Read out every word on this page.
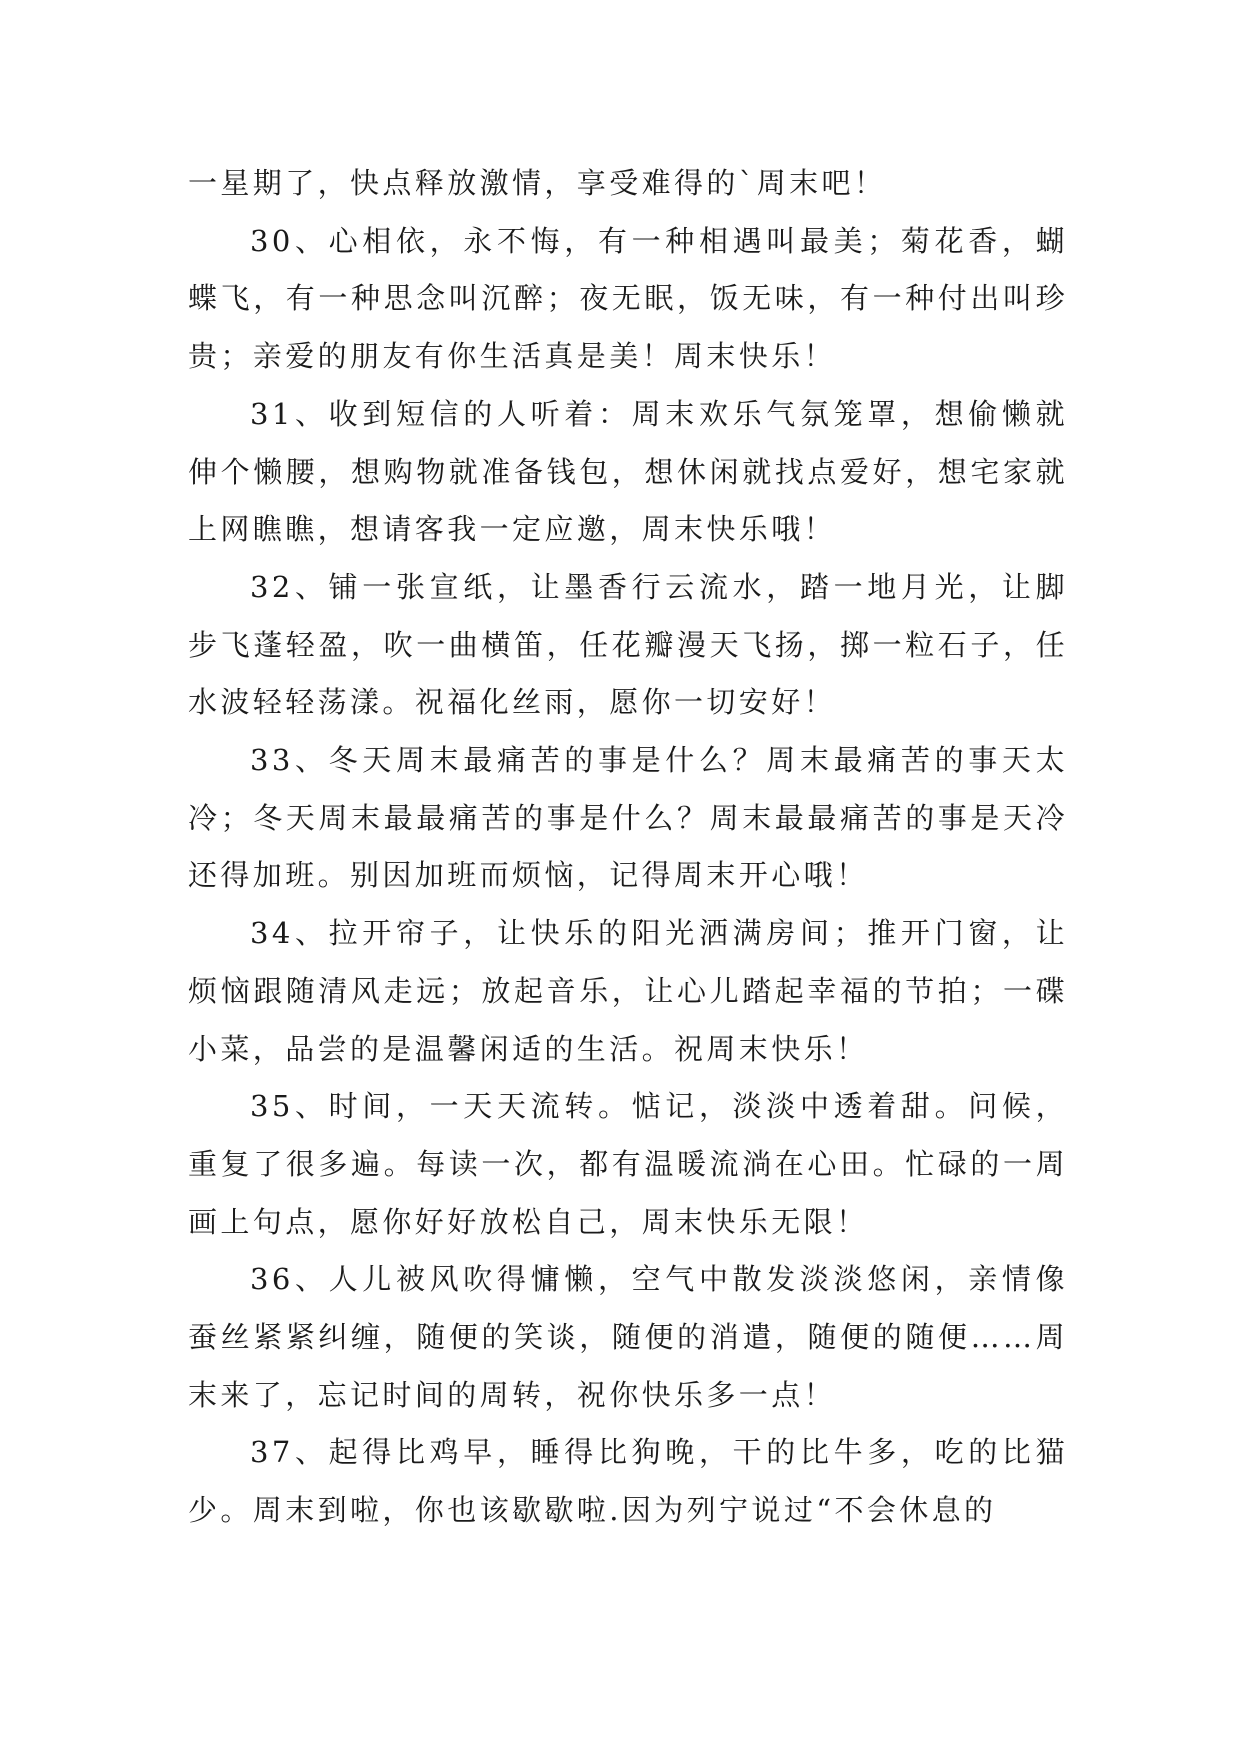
一星期了，快点释放激情，享受难得的`周末吧！

30、心相依，永不悔，有一种相遇叫最美；菊花香，蝴蝶飞，有一种思念叫沉醉；夜无眠，饭无味，有一种付出叫珍贵；亲爱的朋友有你生活真是美！周末快乐！

31、收到短信的人听着：周末欢乐气氛笼罩，想偷懒就伸个懒腰，想购物就准备钱包，想休闲就找点爱好，想宅家就上网瞧瞧，想请客我一定应邀，周末快乐哦！

32、铺一张宣纸，让墨香行云流水，踏一地月光，让脚步飞蓬轻盈，吹一曲横笛，任花瓣漫天飞扬，掷一粒石子，任水波轻轻荡漾。祝福化丝雨，愿你一切安好！

33、冬天周末最痛苦的事是什么？周末最痛苦的事天太冷；冬天周末最最痛苦的事是什么？周末最最痛苦的事是天冷还得加班。别因加班而烦恼，记得周末开心哦！

34、拉开帘子，让快乐的阳光洒满房间；推开门窗，让烦恼跟随清风走远；放起音乐，让心儿踏起幸福的节拍；一碟小菜，品尝的是温馨闲适的生活。祝周末快乐！

35、时间，一天天流转。惦记，淡淡中透着甜。问候，重复了很多遍。每读一次，都有温暖流淌在心田。忙碌的一周画上句点，愿你好好放松自己，周末快乐无限！

36、人儿被风吹得慵懒，空气中散发淡淡悠闲，亲情像蚕丝紧紧纠缠，随便的笑谈，随便的消遣，随便的随便……周末来了，忘记时间的周转，祝你快乐多一点！

37、起得比鸡早，睡得比狗晚，干的比牛多，吃的比猫少。周末到啦，你也该歇歇啦.因为列宁说过“不会休息的
